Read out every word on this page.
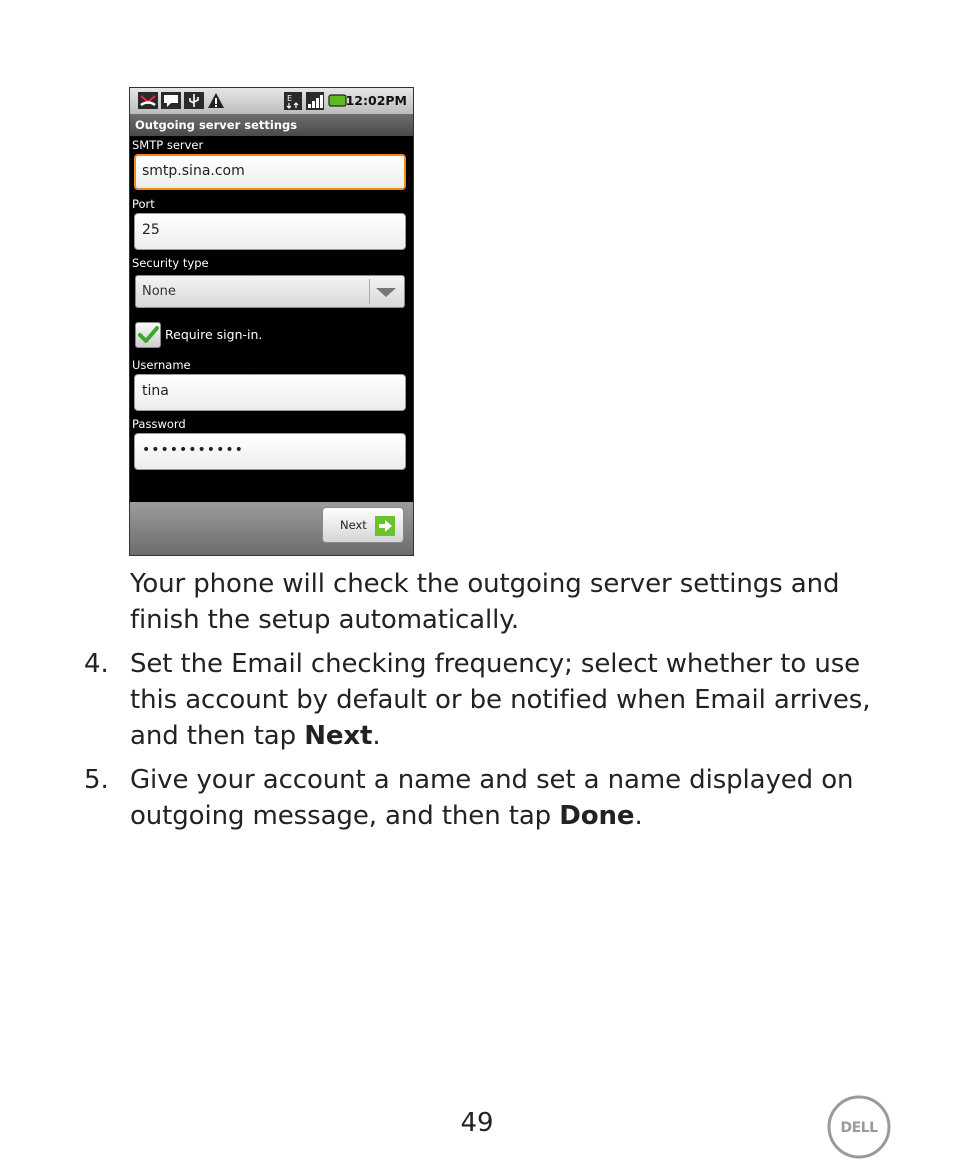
E	12:02PM
Outgoing server settings
SMTP server
smtp.sina.com
Port
25
Security type
None
Require sign-in.
Username
tina
Password
•••••••••••
Next

Your phone will check the outgoing server settings and
finish the setup automatically.

4. Set the Email checking frequency; select whether to use
this account by default or be notified when Email arrives,
and then tap Next.

5. Give your account a name and set a name displayed on
outgoing message, and then tap Done.

49	DELL
